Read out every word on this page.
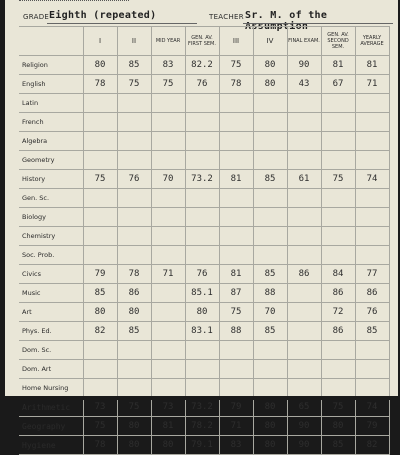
GRADE Eighth (repeated)	TEACHER Sr. M. of the Assumption
	I	II	MID YEAR	GEN. AV. FIRST SEM.	III	IV	FINAL EXAM.	GEN. AV. SECOND SEM.	YEARLY AVERAGE
Religion	80	85	83	82.2	75	80	90	81	81
English	78	75	75	76	78	80	43	67	71
Latin									
French									
Algebra									
Geometry									
History	75	76	70	73.2	81	85	61	75	74
Gen. Sc.									
Biology									
Chemistry									
Soc. Prob.									
Civics	79	78	71	76	81	85	86	84	77
Music	85	86		85.1	87	88		86	86
Art	80	80		80	75	70		72	76
Phys. Ed.	82	85		83.1	88	85		86	85
Dom. Sc.									
Dom. Art									
Home Nursing									
Arithmetic	73	75	73	73.2	79	80	65	75	74
Geography	75	80	81	78.2	71	80	90	80	79
Hygiene	78	80	80	79.1	83	80	90	85	82
